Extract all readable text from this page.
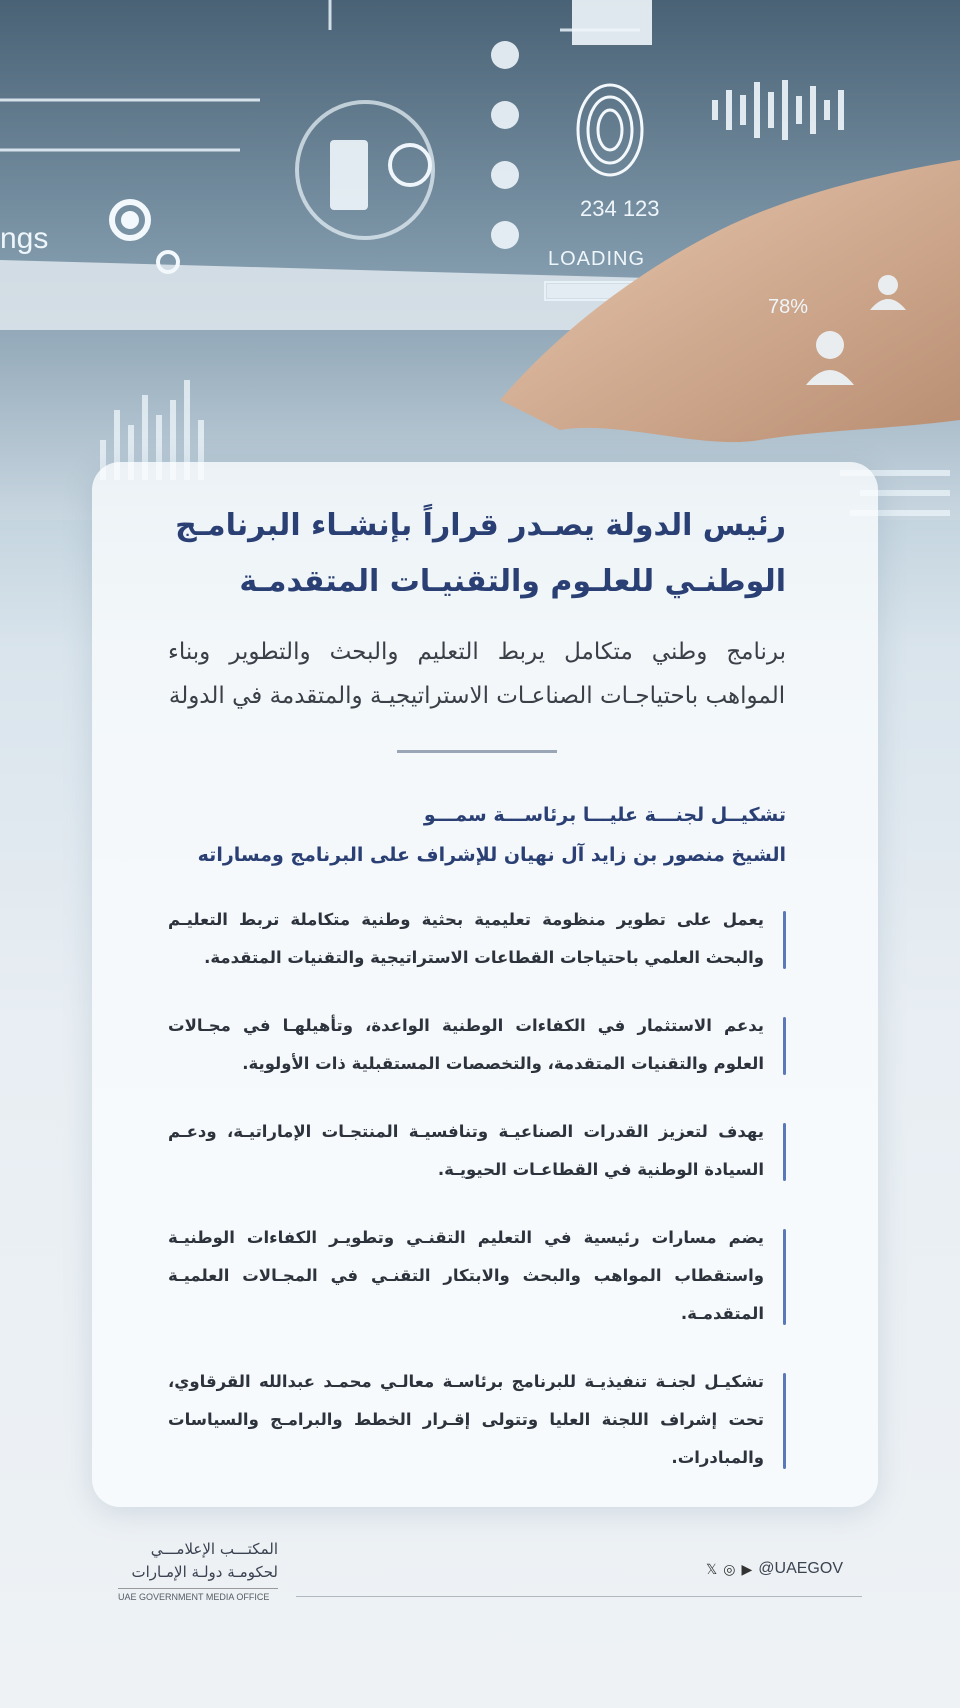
ngs
234 123
LOADING
78%
رئيس الدولة يصـدر قراراً بإنشـاء البرنامـج
الوطنـي للعلـوم والتقنيـات المتقدمـة

برنامج وطني متكامل يربط التعليم والبحث والتطوير وبناء المواهب باحتياجـات الصناعـات الاستراتيجيـة والمتقدمة في الدولة

تشكيــل لجنـــة عليـــا برئاســـة سمـــو
الشيخ منصور بن زايد آل نهيان للإشراف على البرنامج ومساراته
يعمل على تطوير منظومة تعليمية بحثية وطنية متكاملة تربط التعليـم والبحث العلمي باحتياجات القطاعات الاستراتيجية والتقنيات المتقدمة.
يدعم الاستثمار في الكفاءات الوطنية الواعدة، وتأهيلهـا في مجـالات العلوم والتقنيات المتقدمة، والتخصصات المستقبلية ذات الأولوية.
يهدف لتعزيز القدرات الصناعيـة وتنافسيـة المنتجـات الإماراتيـة، ودعـم السيادة الوطنية في القطاعـات الحيويـة.
يضم مسارات رئيسية في التعليم التقنـي وتطويـر الكفاءات الوطنيـة واستقطاب المواهب والبحث والابتكار التقنـي في المجـالات العلميـة المتقدمـة.
تشكيـل لجنـة تنفيذيـة للبرنامج برئاسـة معالـي محمـد عبدالله القرقاوي، تحت إشراف اللجنة العليا وتتولى إقـرار الخطط والبرامـج والسياسات والمبادرات.
المكتـــب الإعلامـــي
لحكومـة دولـة الإمـارات
UAE GOVERNMENT MEDIA OFFICE
𝕏 ◎ ▶ @UAEGOV
